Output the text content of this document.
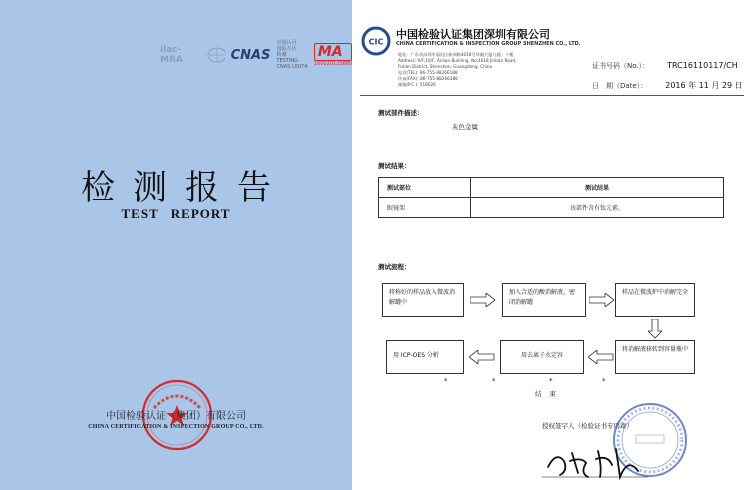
ilac-MRA	CNAS
中国认可
国际互认
检测
TESTING
CNAS L6074
MA
160020123680
检测报告
TEST REPORT
中国检验认证（集团）有限公司
CHINA CERTIFICATION & INSPECTION GROUP CO., LTD.
CIC
中国检验认证集团深圳有限公司
CHINA CERTIFICATION & INSPECTION GROUP SHENZHEN CO., LTD.
地址：广东省深圳市福田区新洲路4018号华融大厦九楼、十楼
Address: 9/F,10/F, Anlian Building, No.4018 Jintian Road,
Futian District, Shenzhen, Guangdong, China
电话(TEL): 86-755-88266188
传真(FAX): 86-755-88266388
邮编(P.C.): 518026
证书号码（No.）： TRC16110117/CH
日　期（Date）： 2016 年 11 月 29 日
测试部件描述：
灰色金属
测试结果：
测试部位	测试结果
眼镜架	该部件含有钛元素。
测试流程：
将称好的样品放入微波消解罐中
加入合适的酸消解液，密闭消解罐
样品在微波炉中消解完全
将消解液移转到容量瓶中
用去离子水定容
用 ICP-OES 分析
*	*	*	*
结束
授权签字人（检验证书专用章）
